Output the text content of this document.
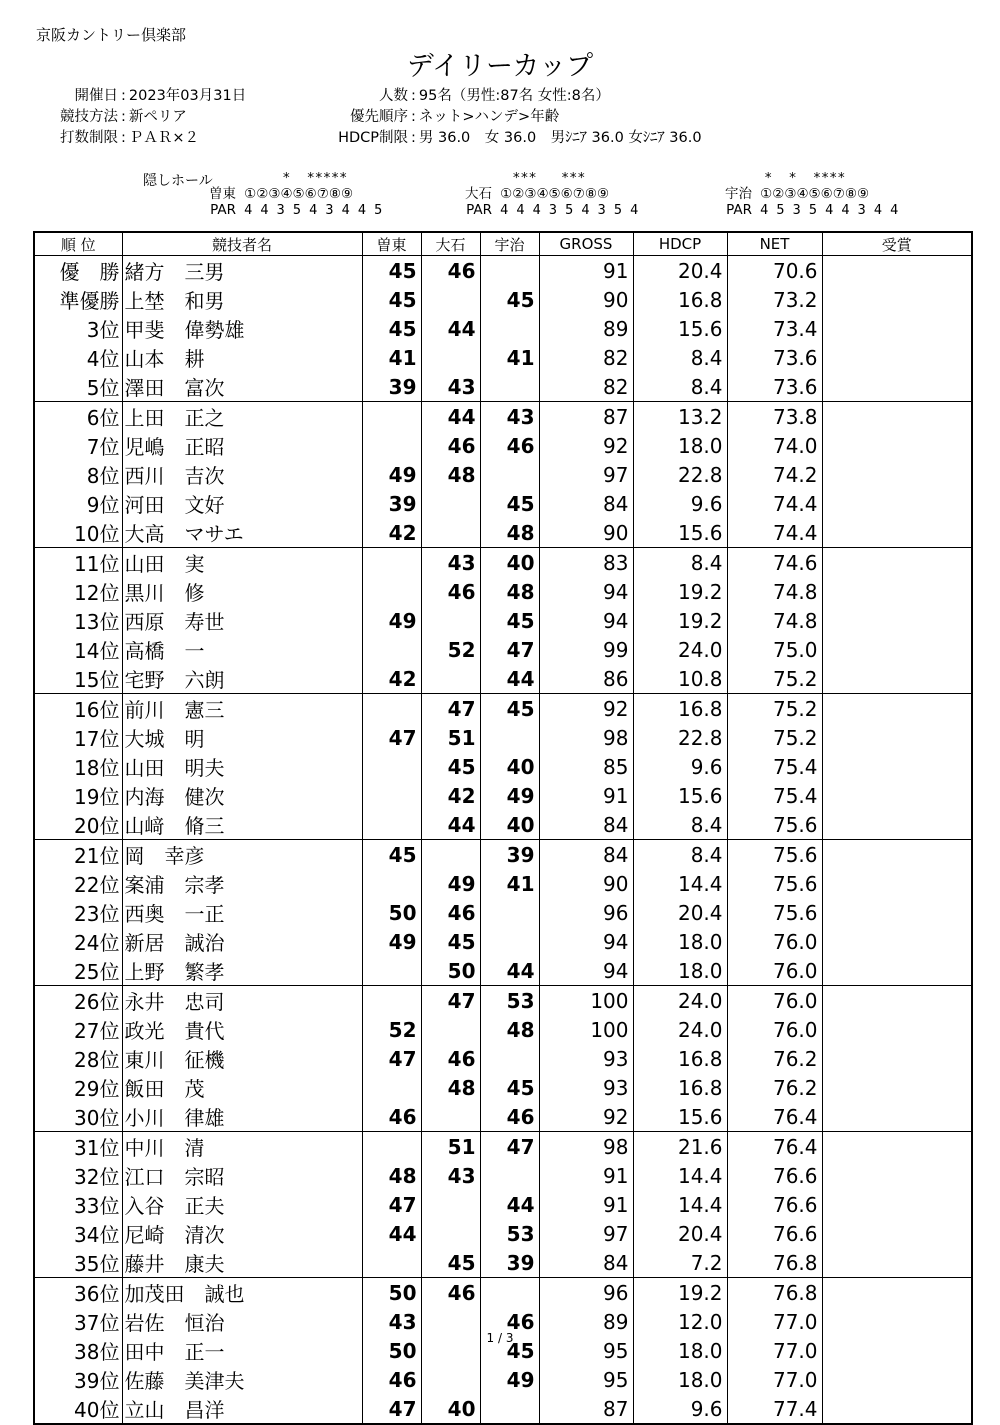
京阪カントリー倶楽部
デイリーカップ
開催日 : 2023年03月31日
競技方法 : 新ペリア
打数制限 : ＰＡＲ×２
人数 : 95名（男性:87名 女性:8名）
優先順序 : ネット>ハンデ>年齢
HDCP制限 : 男 36.0　女 36.0　男ｼﾆｱ 36.0 女ｼﾆｱ 36.0
隠しホール	*  *****
曽東 ①②③④⑤⑥⑦⑧⑨
PAR 4 4 3 5 4 3 4 4 5
***   ***
大石 ①②③④⑤⑥⑦⑧⑨
PAR 4 4 4 3 5 4 3 5 4
*  *  ****
宇治 ①②③④⑤⑥⑦⑧⑨
PAR 4 5 3 5 4 4 3 4 4
順 位	競技者名	曽東	大石	宇治	GROSS	HDCP	NET	受賞
優　勝	緒方　三男	45	46		91	20.4	70.6	
準優勝	上埜　和男	45		45	90	16.8	73.2	
3位	甲斐　偉勢雄	45	44		89	15.6	73.4	
4位	山本　耕	41		41	82	8.4	73.6	
5位	澤田　富次	39	43		82	8.4	73.6	
6位	上田　正之		44	43	87	13.2	73.8	
7位	児嶋　正昭		46	46	92	18.0	74.0	
8位	西川　吉次	49	48		97	22.8	74.2	
9位	河田　文好	39		45	84	9.6	74.4	
10位	大高　マサエ	42		48	90	15.6	74.4	
11位	山田　実		43	40	83	8.4	74.6	
12位	黒川　修		46	48	94	19.2	74.8	
13位	西原　寿世	49		45	94	19.2	74.8	
14位	高橋　一		52	47	99	24.0	75.0	
15位	宅野　六朗	42		44	86	10.8	75.2	
16位	前川　憲三		47	45	92	16.8	75.2	
17位	大城　明	47	51		98	22.8	75.2	
18位	山田　明夫		45	40	85	9.6	75.4	
19位	内海　健次		42	49	91	15.6	75.4	
20位	山﨑　脩三		44	40	84	8.4	75.6	
21位	岡　幸彦	45		39	84	8.4	75.6	
22位	案浦　宗孝		49	41	90	14.4	75.6	
23位	西奥　一正	50	46		96	20.4	75.6	
24位	新居　誠治	49	45		94	18.0	76.0	
25位	上野　繁孝		50	44	94	18.0	76.0	
26位	永井　忠司		47	53	100	24.0	76.0	
27位	政光　貴代	52		48	100	24.0	76.0	
28位	東川　征機	47	46		93	16.8	76.2	
29位	飯田　茂		48	45	93	16.8	76.2	
30位	小川　律雄	46		46	92	15.6	76.4	
31位	中川　清		51	47	98	21.6	76.4	
32位	江口　宗昭	48	43		91	14.4	76.6	
33位	入谷　正夫	47		44	91	14.4	76.6	
34位	尼崎　清次	44		53	97	20.4	76.6	
35位	藤井　康夫		45	39	84	7.2	76.8	
36位	加茂田　誠也	50	46		96	19.2	76.8	
37位	岩佐　恒治	43		46	89	12.0	77.0	
38位	田中　正一	50		45	95	18.0	77.0	
39位	佐藤　美津夫	46		49	95	18.0	77.0	
40位	立山　昌洋	47	40		87	9.6	77.4	
1 / 3
